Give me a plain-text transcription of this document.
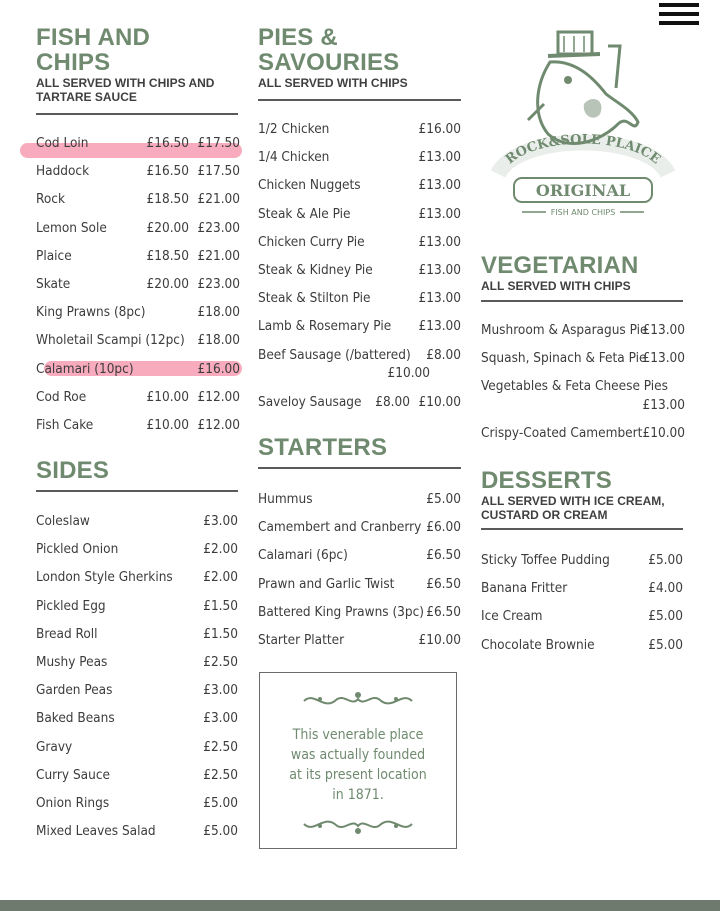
FISH AND CHIPS
ALL SERVED WITH CHIPS AND TARTARE SAUCE
Cod Loin	£16.50 £17.50
Haddock	£16.50 £17.50
Rock	£18.50 £21.00
Lemon Sole	£20.00 £23.00
Plaice	£18.50 £21.00
Skate	£20.00 £23.00
King Prawns (8pc)	£18.00
Wholetail Scampi (12pc) £18.00
Calamari (10pc)	£16.00
Cod Roe	£10.00 £12.00
Fish Cake	£10.00 £12.00
SIDES
Coleslaw	£3.00
Pickled Onion	£2.00
London Style Gherkins £2.00
Pickled Egg	£1.50
Bread Roll	£1.50
Mushy Peas	£2.50
Garden Peas	£3.00
Baked Beans	£3.00
Gravy	£2.50
Curry Sauce	£2.50
Onion Rings	£5.00
Mixed Leaves Salad	£5.00
PIES &
SAVOURIES
ALL SERVED WITH CHIPS
1/2 Chicken	£16.00
1/4 Chicken	£13.00
Chicken Nuggets	£13.00
Steak & Ale Pie	£13.00
Chicken Curry Pie	£13.00
Steak & Kidney Pie	£13.00
Steak & Stilton Pie	£13.00
Lamb & Rosemary Pie £13.00
Beef Sausage (/battered) £8.00
£10.00
Saveloy Sausage £8.00 £10.00
STARTERS
Hummus	£5.00
Camembert and Cranberry £6.00
Calamari (6pc)	£6.50
Prawn and Garlic Twist £6.50
Battered King Prawns (3pc) £6.50
Starter Platter	£10.00
This venerable place
was actually founded
at its present location
in 1871.
ROCK&SOLE PLAICE
ORIGINAL
FISH AND CHIPS
VEGETARIAN
ALL SERVED WITH CHIPS
Mushroom & Asparagus Pie
£13.00
Squash, Spinach & Feta Pie
£13.00
Vegetables & Feta Cheese Pies
£13.00
Crispy-Coated Camembert £10.00
DESSERTS
ALL SERVED WITH ICE CREAM, CUSTARD OR CREAM
Sticky Toffee Pudding	£5.00
Banana Fritter	£4.00
Ice Cream	£5.00
Chocolate Brownie	£5.00
